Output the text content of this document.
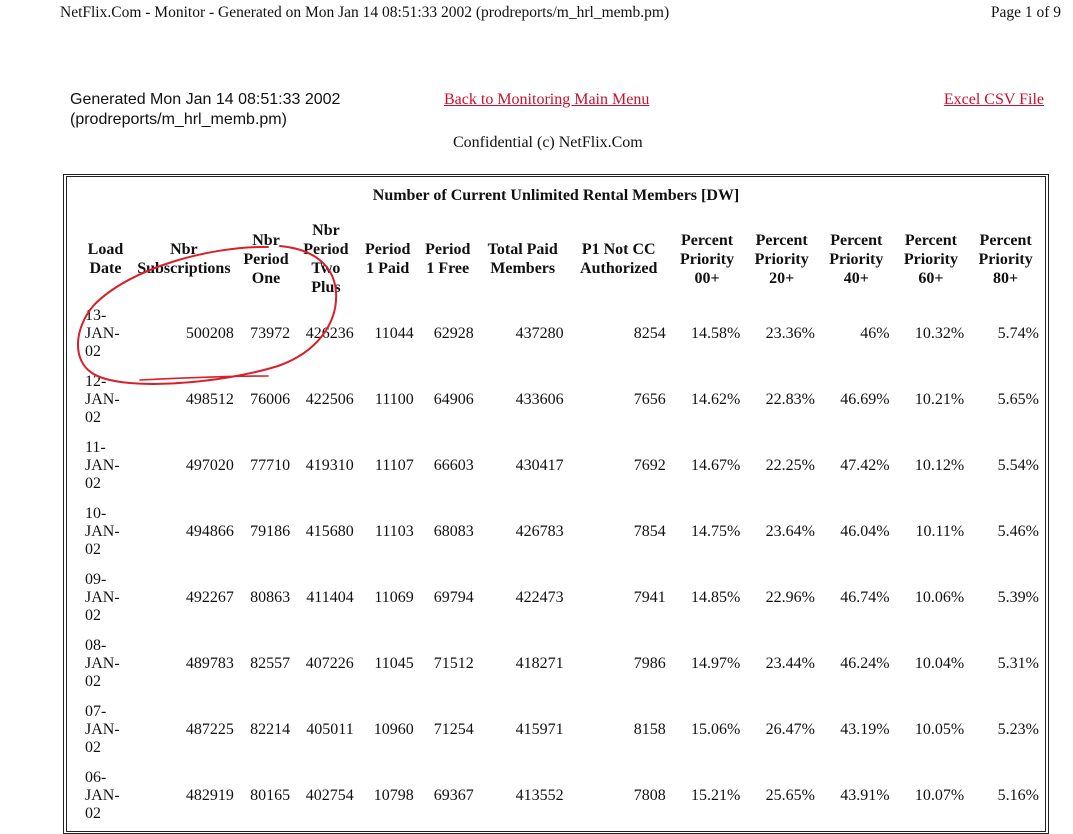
NetFlix.Com - Monitor - Generated on Mon Jan 14 08:51:33 2002 (prodreports/m_hrl_memb.pm)	Page 1 of 9
Generated Mon Jan 14 08:51:33 2002
(prodreports/m_hrl_memb.pm)
Back to Monitoring Main Menu	Excel CSV File
Confidential (c) NetFlix.Com
Number of Current Unlimited Rental Members [DW]
Load Date	Nbr Subscriptions	Nbr Period One	Nbr Period Two Plus	Period 1 Paid	Period 1 Free	Total Paid Members	P1 Not CC Authorized	Percent Priority 00+	Percent Priority 20+	Percent Priority 40+	Percent Priority 60+	Percent Priority 80+
13-JAN-02	500208	73972	426236	11044	62928	437280	8254	14.58%	23.36%	46%	10.32%	5.74%
12-JAN-02	498512	76006	422506	11100	64906	433606	7656	14.62%	22.83%	46.69%	10.21%	5.65%
11-JAN-02	497020	77710	419310	11107	66603	430417	7692	14.67%	22.25%	47.42%	10.12%	5.54%
10-JAN-02	494866	79186	415680	11103	68083	426783	7854	14.75%	23.64%	46.04%	10.11%	5.46%
09-JAN-02	492267	80863	411404	11069	69794	422473	7941	14.85%	22.96%	46.74%	10.06%	5.39%
08-JAN-02	489783	82557	407226	11045	71512	418271	7986	14.97%	23.44%	46.24%	10.04%	5.31%
07-JAN-02	487225	82214	405011	10960	71254	415971	8158	15.06%	26.47%	43.19%	10.05%	5.23%
06-JAN-02	482919	80165	402754	10798	69367	413552	7808	15.21%	25.65%	43.91%	10.07%	5.16%
